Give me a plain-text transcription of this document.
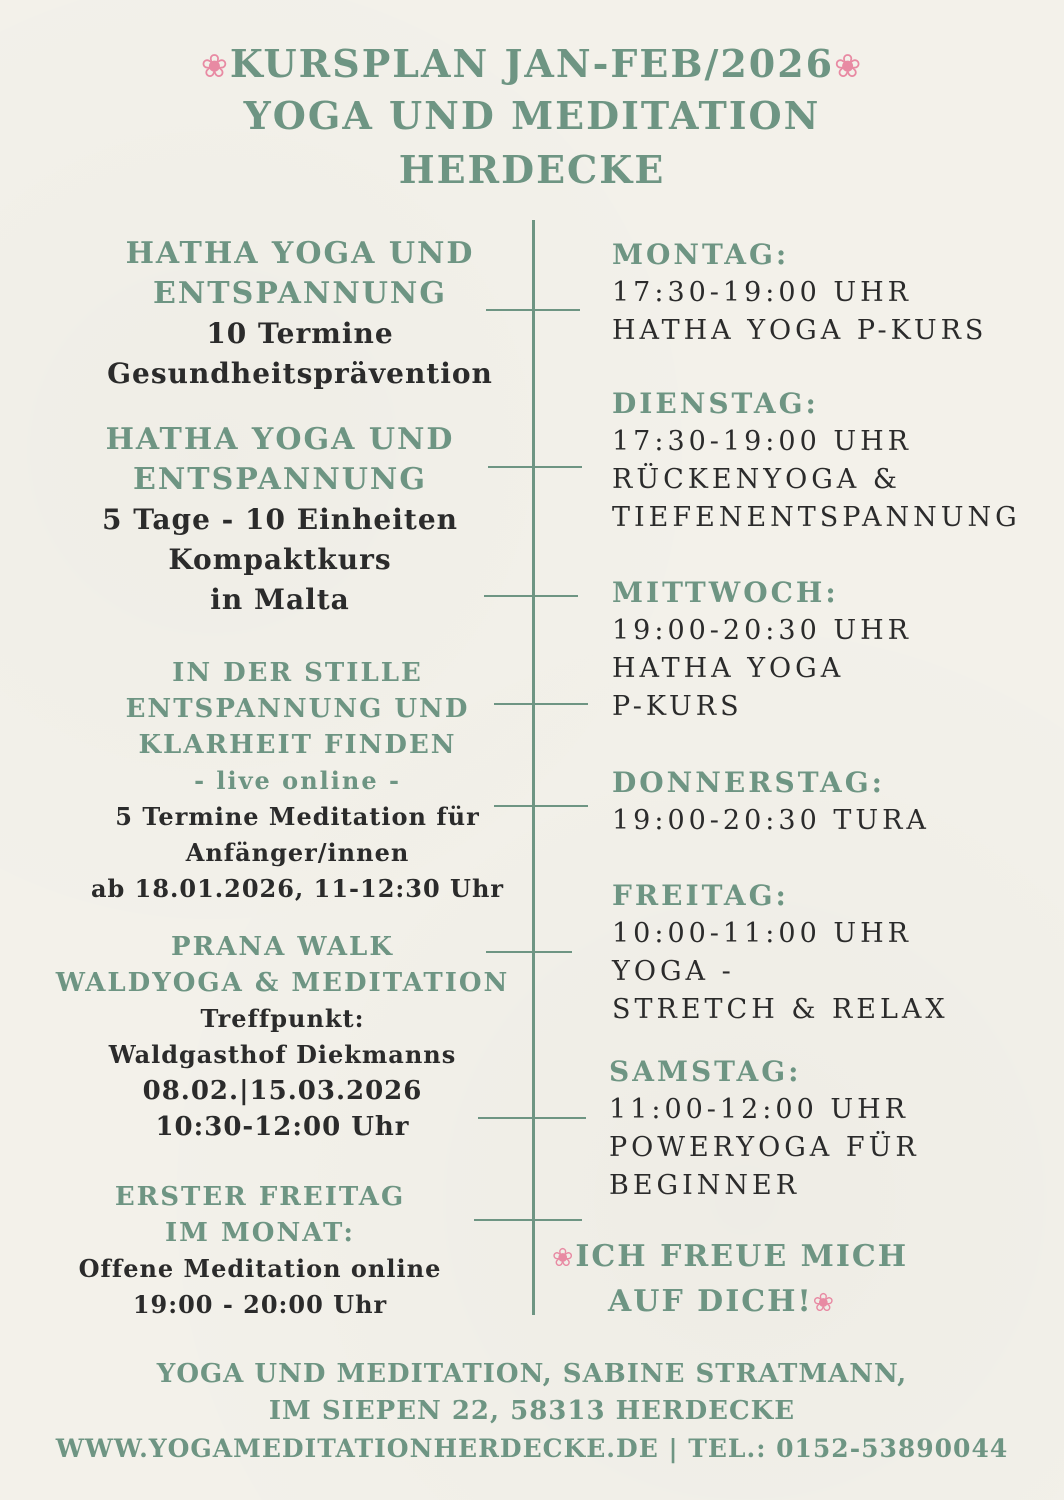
❀KURSPLAN JAN-FEB/2026❀
YOGA UND MEDITATION
HERDECKE
HATHA YOGA UND
ENTSPANNUNG
10 Termine
Gesundheitsprävention
HATHA YOGA UND
ENTSPANNUNG
5 Tage - 10 Einheiten
Kompaktkurs
in Malta
IN DER STILLE
ENTSPANNUNG UND
KLARHEIT FINDEN
- live online -
5 Termine Meditation für
Anfänger/innen
ab 18.01.2026, 11-12:30 Uhr
PRANA WALK
WALDYOGA & MEDITATION
Treffpunkt:
Waldgasthof Diekmanns
08.02.|15.03.2026
10:30-12:00 Uhr
ERSTER FREITAG
IM MONAT:
Offene Meditation online
19:00 - 20:00 Uhr
MONTAG:
17:30-19:00 UHR
HATHA YOGA P-KURS
DIENSTAG:
17:30-19:00 UHR
RÜCKENYOGA &
TIEFENENTSPANNUNG
MITTWOCH:
19:00-20:30 UHR
HATHA YOGA
P-KURS
DONNERSTAG:
19:00-20:30 TURA
FREITAG:
10:00-11:00 UHR
YOGA -
STRETCH & RELAX
SAMSTAG:
11:00-12:00 UHR
POWERYOGA FÜR
BEGINNER
❀ICH FREUE MICH
AUF DICH!❀
YOGA UND MEDITATION, SABINE STRATMANN,
IM SIEPEN 22, 58313 HERDECKE
WWW.YOGAMEDITATIONHERDECKE.DE | TEL.: 0152-53890044
